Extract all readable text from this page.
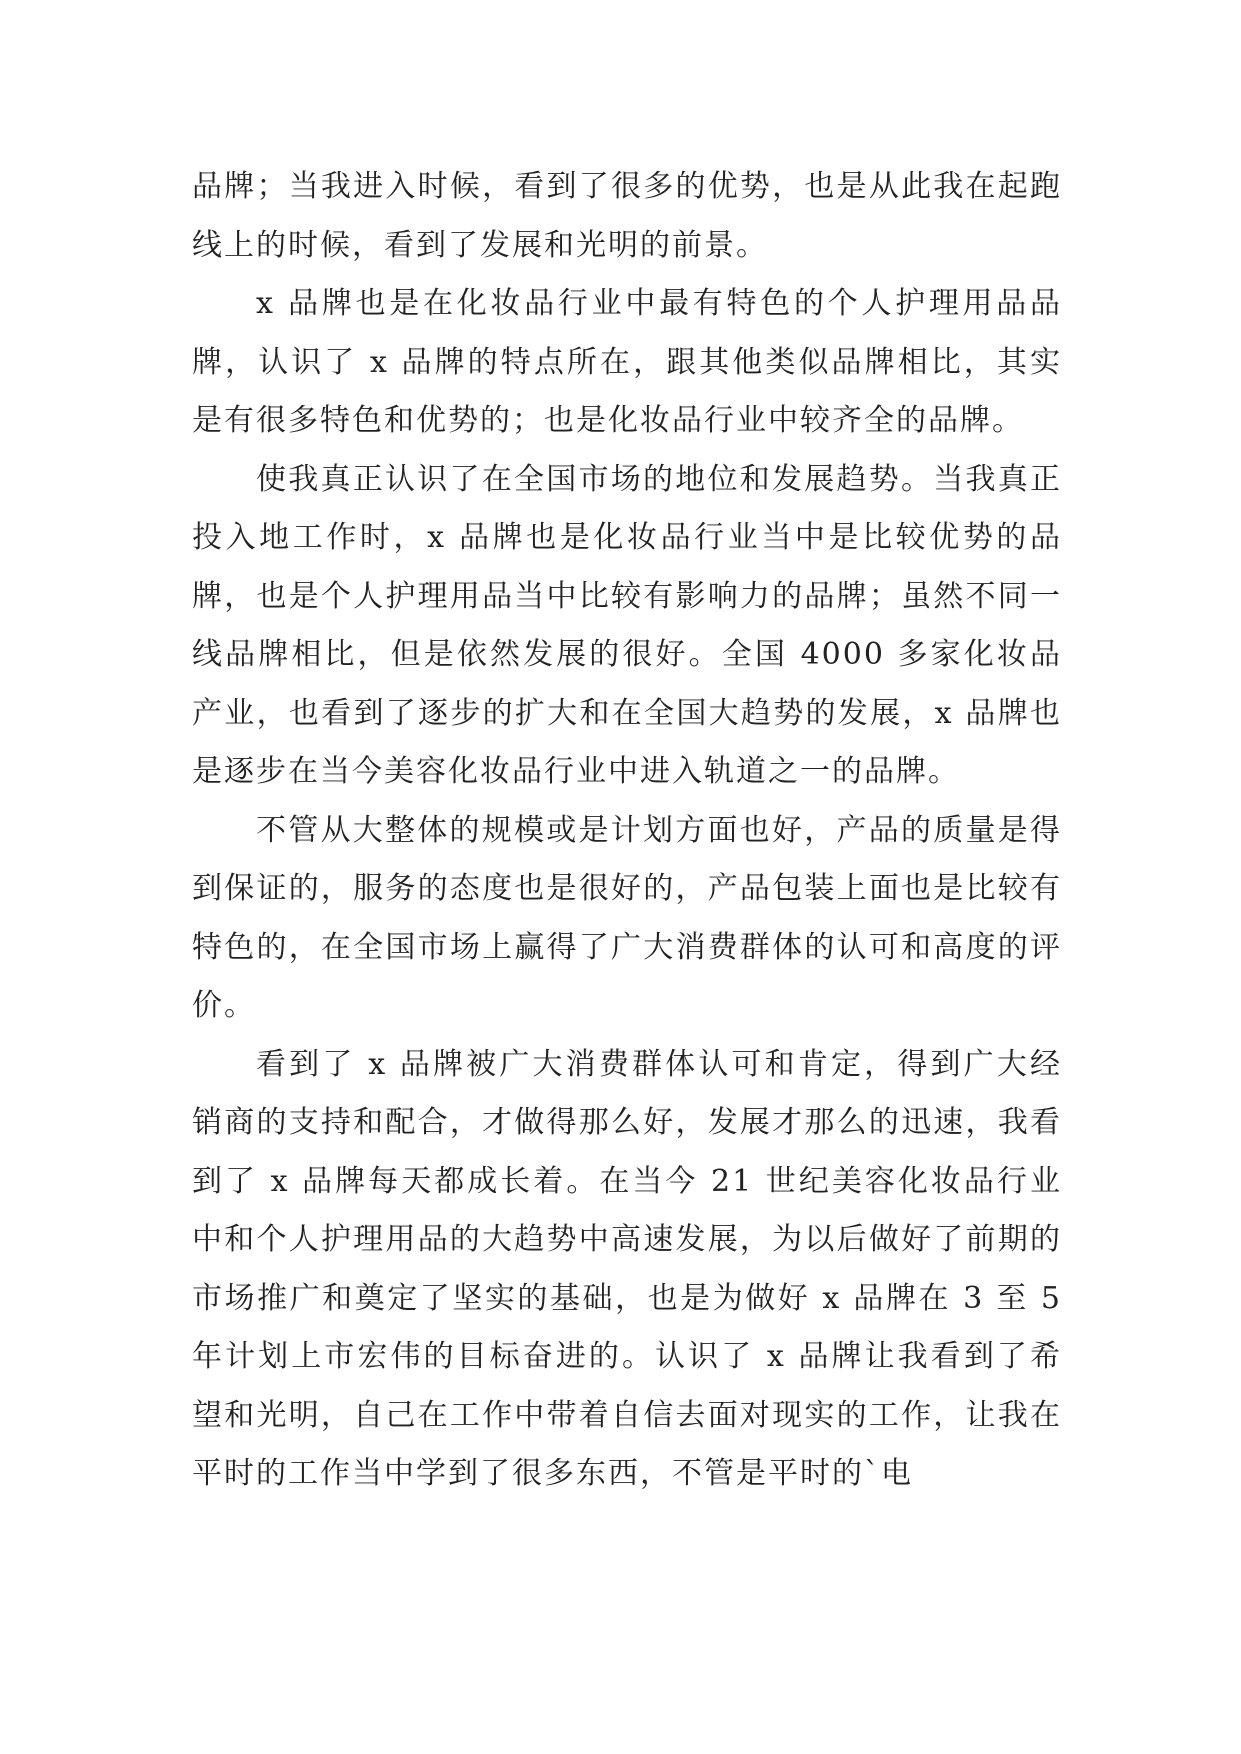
品牌；当我进入时候，看到了很多的优势，也是从此我在起跑线上的时候，看到了发展和光明的前景。

x 品牌也是在化妆品行业中最有特色的个人护理用品品牌，认识了 x 品牌的特点所在，跟其他类似品牌相比，其实是有很多特色和优势的；也是化妆品行业中较齐全的品牌。

使我真正认识了在全国市场的地位和发展趋势。当我真正投入地工作时，x 品牌也是化妆品行业当中是比较优势的品牌，也是个人护理用品当中比较有影响力的品牌；虽然不同一线品牌相比，但是依然发展的很好。全国 4000 多家化妆品产业，也看到了逐步的扩大和在全国大趋势的发展，x 品牌也是逐步在当今美容化妆品行业中进入轨道之一的品牌。

不管从大整体的规模或是计划方面也好，产品的质量是得到保证的，服务的态度也是很好的，产品包装上面也是比较有特色的，在全国市场上赢得了广大消费群体的认可和高度的评价。

看到了 x 品牌被广大消费群体认可和肯定，得到广大经销商的支持和配合，才做得那么好，发展才那么的迅速，我看到了 x 品牌每天都成长着。在当今 21 世纪美容化妆品行业中和个人护理用品的大趋势中高速发展，为以后做好了前期的市场推广和奠定了坚实的基础，也是为做好 x 品牌在 3 至 5 年计划上市宏伟的目标奋进的。认识了 x 品牌让我看到了希望和光明，自己在工作中带着自信去面对现实的工作，让我在平时的工作当中学到了很多东西，不管是平时的`电
